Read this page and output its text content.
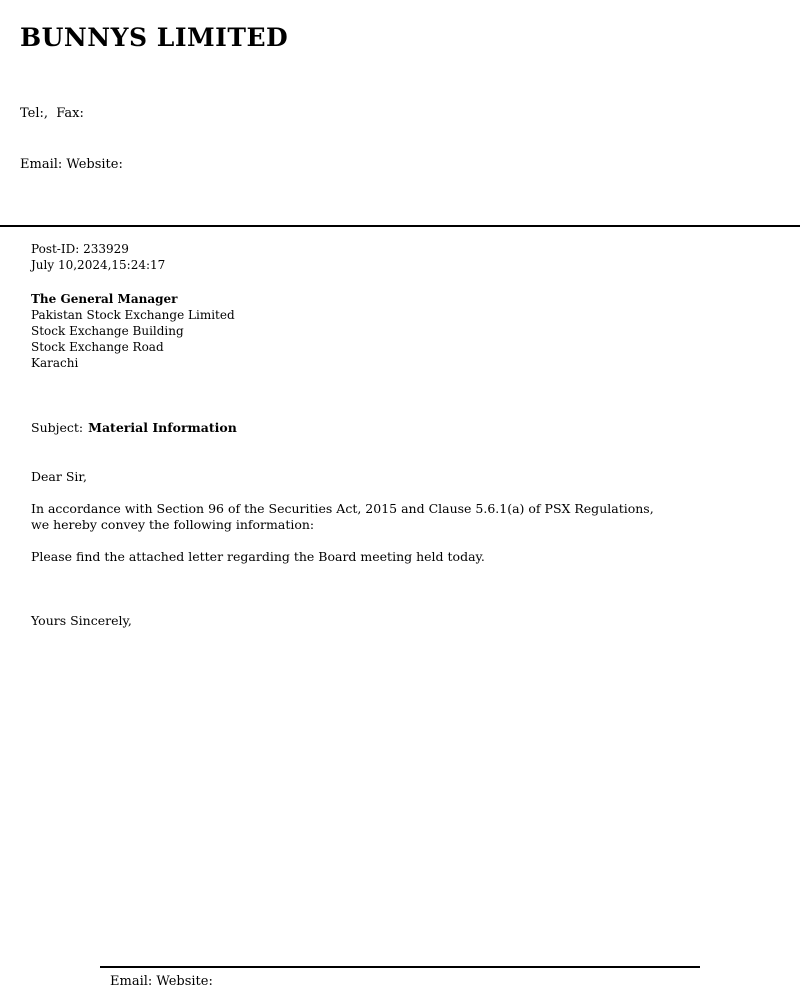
BUNNYS LIMITED

Tel:,  Fax:

Email: Website:

Post-ID: 233929
July 10,2024,15:24:17
The General Manager
Pakistan Stock Exchange Limited
Stock Exchange Building
Stock Exchange Road
Karachi
Subject: Material Information

Dear Sir,

In accordance with Section 96 of the Securities Act, 2015 and Clause 5.6.1(a) of PSX Regulations, we hereby convey the following information:

Please find the attached letter regarding the Board meeting held today.

Yours Sincerely,

Email: Website:
